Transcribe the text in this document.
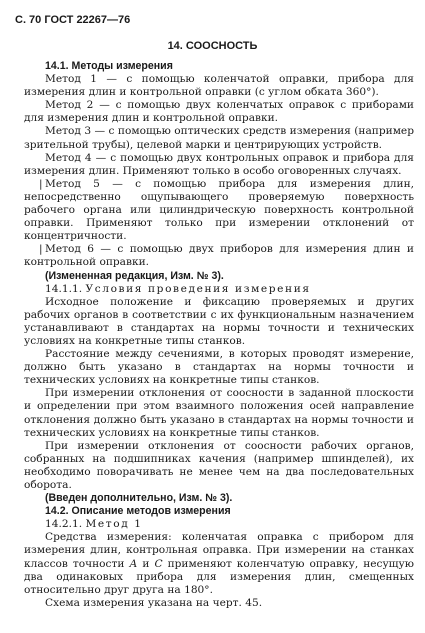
С. 70 ГОСТ 22267—76
14. СООСНОСТЬ

14.1. Методы измерения

Метод 1 — с помощью коленчатой оправки, прибора для измерения длин и контрольной оправки (с углом обката 360°).

Метод 2 — с помощью двух коленчатых оправок с приборами для измерения длин и контрольной оправки.

Метод 3 — с помощью оптических средств измерения (например зрительной трубы), целевой марки и центрирующих устройств.

Метод 4 — с помощью двух контрольных оправок и прибора для измерения длин. Применяют только в особо оговоренных случаях.

| Метод 5 — с помощью прибора для измерения длин, непосредственно ощупывающего проверяемую поверхность рабочего органа или цилиндрическую поверхность контрольной оправки. Применяют только при измерении отклонений от концентричности.

| Метод 6 — с помощью двух приборов для измерения длин и контрольной оправки.

(Измененная редакция, Изм. № 3).

14.1.1. Условия проведения измерения

Исходное положение и фиксацию проверяемых и других рабочих органов в соответствии с их функциональным назначением устанавливают в стандартах на нормы точности и технических условиях на конкретные типы станков.

Расстояние между сечениями, в которых проводят измерение, должно быть указано в стандартах на нормы точности и технических условиях на конкретные типы станков.

При измерении отклонения от соосности в заданной плоскости и определении при этом взаимного положения осей направление отклонения должно быть указано в стандартах на нормы точности и технических условиях на конкретные типы станков.

При измерении отклонения от соосности рабочих органов, собранных на подшипниках качения (например шпинделей), их необходимо поворачивать не менее чем на два последовательных оборота.

(Введен дополнительно, Изм. № 3).

14.2. Описание методов измерения

14.2.1. Метод 1

Средства измерения: коленчатая оправка с прибором для измерения длин, контрольная оправка. При измерении на станках классов точности А и С применяют коленчатую оправку, несущую два одинаковых прибора для измерения длин, смещенных относительно друг друга на 180°.

Схема измерения указана на черт. 45.
